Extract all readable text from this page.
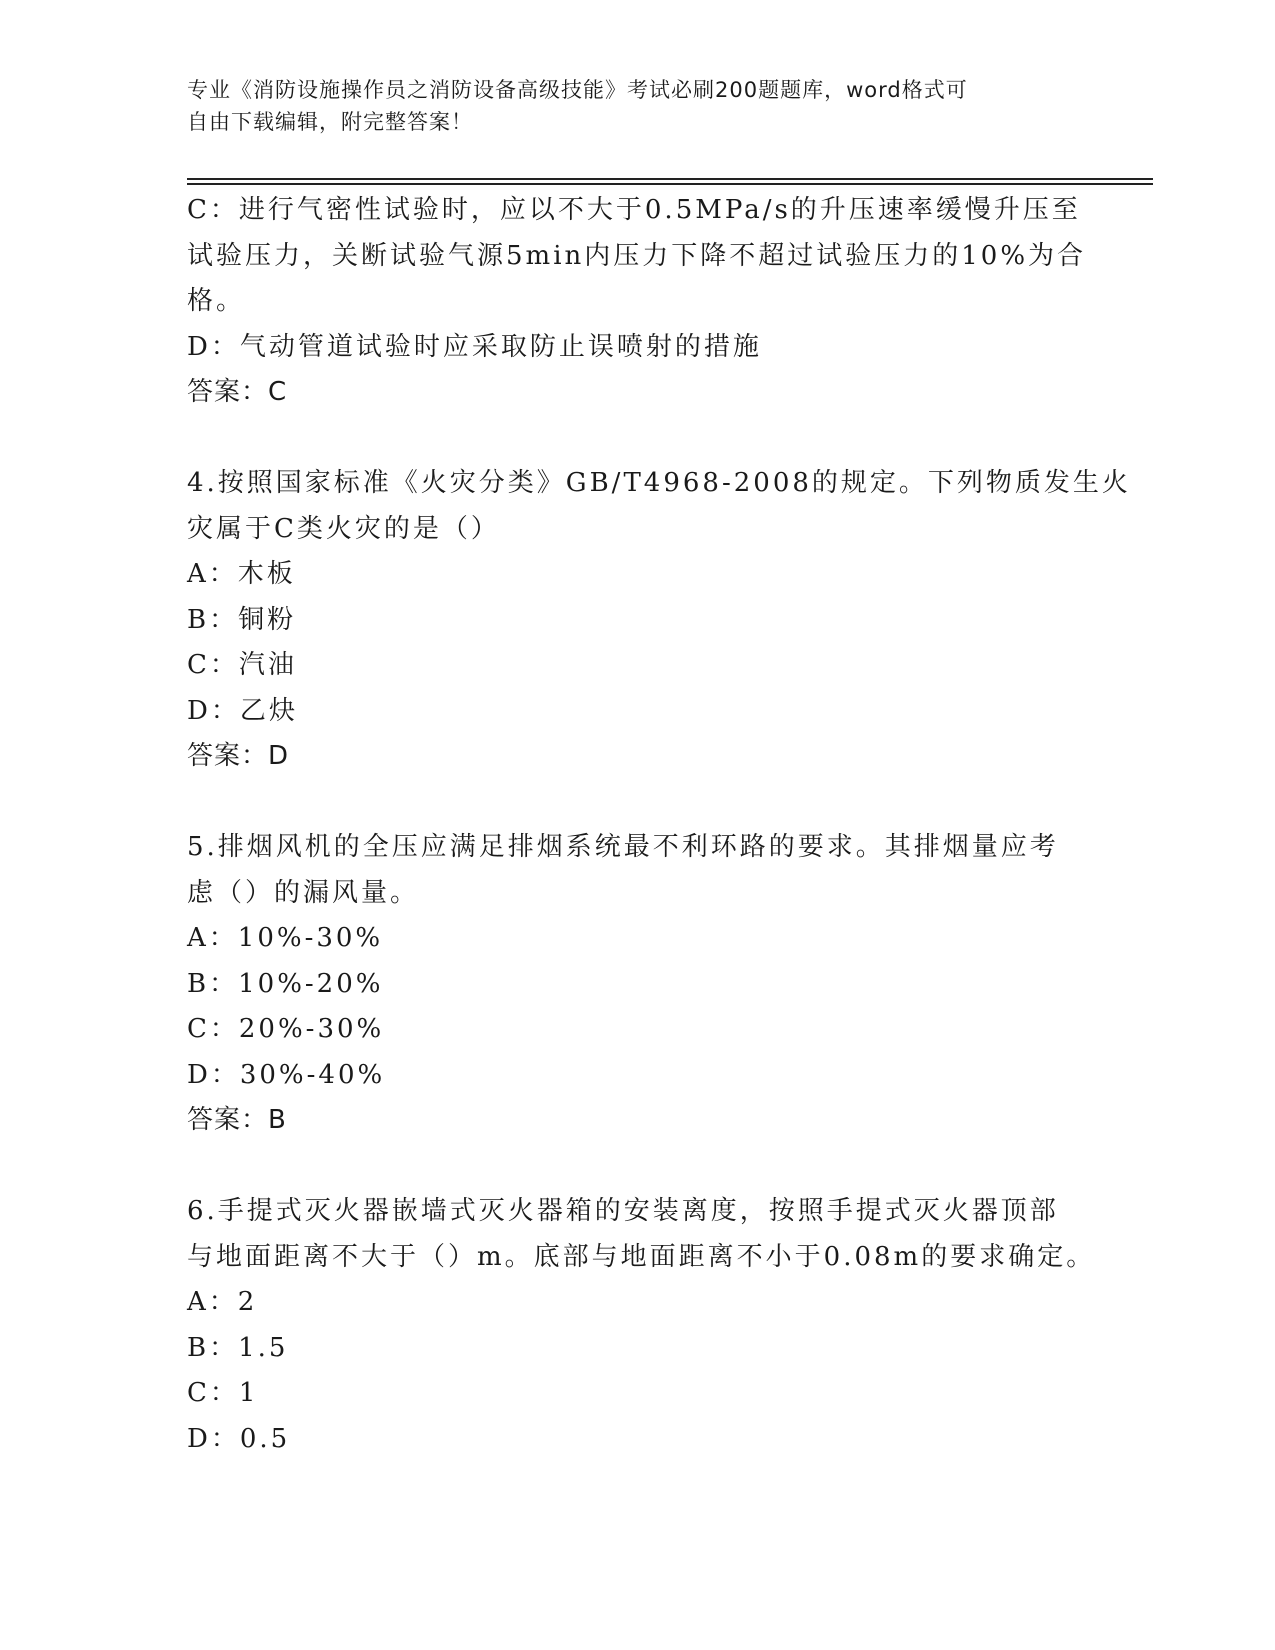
专业《消防设施操作员之消防设备高级技能》考试必刷200题题库，word格式可
自由下载编辑，附完整答案！
C：进行气密性试验时，应以不大于0.5MPa/s的升压速率缓慢升压至
试验压力，关断试验气源5min内压力下降不超过试验压力的10%为合
格。
D：气动管道试验时应采取防止误喷射的措施
答案：C
4.按照国家标准《火灾分类》GB/T4968-2008的规定。下列物质发生火
灾属于C类火灾的是（）
A：木板
B：铜粉
C：汽油
D：乙炔
答案：D
5.排烟风机的全压应满足排烟系统最不利环路的要求。其排烟量应考
虑（）的漏风量。
A：10%-30%
B：10%-20%
C：20%-30%
D：30%-40%
答案：B
6.手提式灭火器嵌墙式灭火器箱的安装离度，按照手提式灭火器顶部
与地面距离不大于（）m。底部与地面距离不小于0.08m的要求确定。
A：2
B：1.5
C：1
D：0.5
